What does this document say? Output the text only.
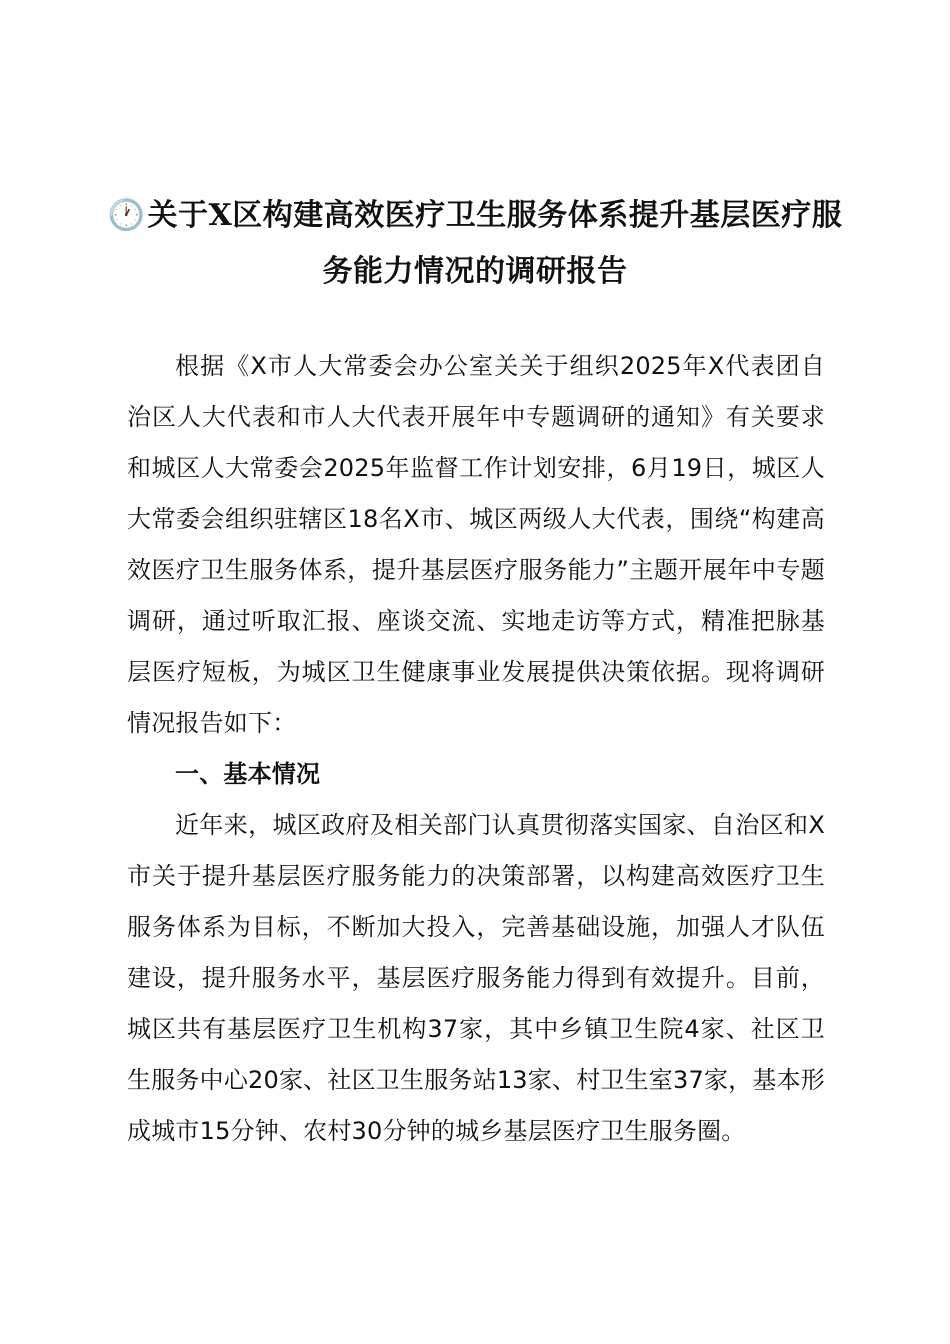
🕐关于X区构建高效医疗卫生服务体系提升基层医疗服务能力情况的调研报告

根据《X市人大常委会办公室关关于组织2025年X代表团自治区人大代表和市人大代表开展年中专题调研的通知》有关要求和城区人大常委会2025年监督工作计划安排，6月19日，城区人大常委会组织驻辖区18名X市、城区两级人大代表，围绕“构建高效医疗卫生服务体系，提升基层医疗服务能力”主题开展年中专题调研，通过听取汇报、座谈交流、实地走访等方式，精准把脉基层医疗短板，为城区卫生健康事业发展提供决策依据。现将调研情况报告如下：

一、基本情况

近年来，城区政府及相关部门认真贯彻落实国家、自治区和X市关于提升基层医疗服务能力的决策部署，以构建高效医疗卫生服务体系为目标，不断加大投入，完善基础设施，加强人才队伍建设，提升服务水平，基层医疗服务能力得到有效提升。目前，城区共有基层医疗卫生机构37家，其中乡镇卫生院4家、社区卫生服务中心20家、社区卫生服务站13家、村卫生室37家，基本形成城市15分钟、农村30分钟的城乡基层医疗卫生服务圈。
